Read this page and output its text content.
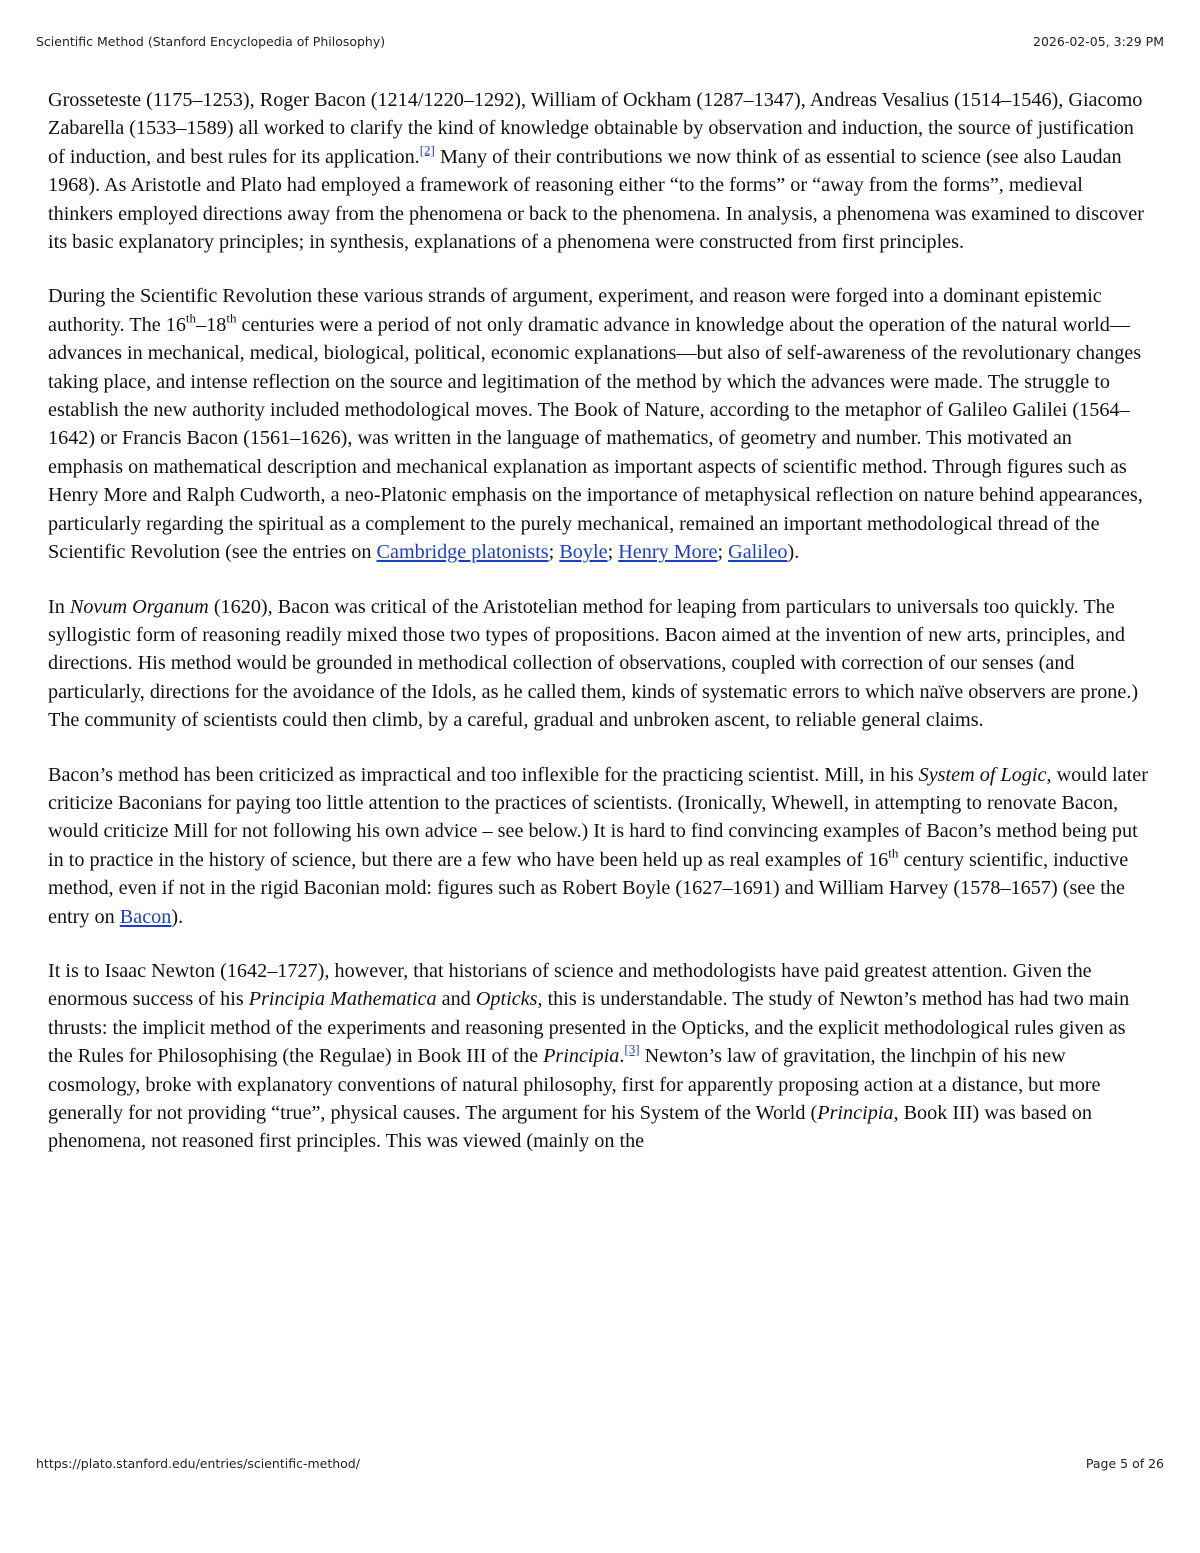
Scientific Method (Stanford Encyclopedia of Philosophy)	2026-02-05, 3:29 PM

Grosseteste (1175–1253), Roger Bacon (1214/1220–1292), William of Ockham (1287–1347), Andreas Vesalius (1514–1546), Giacomo Zabarella (1533–1589) all worked to clarify the kind of knowledge obtainable by observation and induction, the source of justification of induction, and best rules for its application.[2] Many of their contributions we now think of as essential to science (see also Laudan 1968). As Aristotle and Plato had employed a framework of reasoning either “to the forms” or “away from the forms”, medieval thinkers employed directions away from the phenomena or back to the phenomena. In analysis, a phenomena was examined to discover its basic explanatory principles; in synthesis, explanations of a phenomena were constructed from first principles.

During the Scientific Revolution these various strands of argument, experiment, and reason were forged into a dominant epistemic authority. The 16th–18th centuries were a period of not only dramatic advance in knowledge about the operation of the natural world—advances in mechanical, medical, biological, political, economic explanations—but also of self-awareness of the revolutionary changes taking place, and intense reflection on the source and legitimation of the method by which the advances were made. The struggle to establish the new authority included methodological moves. The Book of Nature, according to the metaphor of Galileo Galilei (1564–1642) or Francis Bacon (1561–1626), was written in the language of mathematics, of geometry and number. This motivated an emphasis on mathematical description and mechanical explanation as important aspects of scientific method. Through figures such as Henry More and Ralph Cudworth, a neo-Platonic emphasis on the importance of metaphysical reflection on nature behind appearances, particularly regarding the spiritual as a complement to the purely mechanical, remained an important methodological thread of the Scientific Revolution (see the entries on Cambridge platonists; Boyle; Henry More; Galileo).

In Novum Organum (1620), Bacon was critical of the Aristotelian method for leaping from particulars to universals too quickly. The syllogistic form of reasoning readily mixed those two types of propositions. Bacon aimed at the invention of new arts, principles, and directions. His method would be grounded in methodical collection of observations, coupled with correction of our senses (and particularly, directions for the avoidance of the Idols, as he called them, kinds of systematic errors to which naïve observers are prone.) The community of scientists could then climb, by a careful, gradual and unbroken ascent, to reliable general claims.

Bacon’s method has been criticized as impractical and too inflexible for the practicing scientist. Mill, in his System of Logic, would later criticize Baconians for paying too little attention to the practices of scientists. (Ironically, Whewell, in attempting to renovate Bacon, would criticize Mill for not following his own advice – see below.) It is hard to find convincing examples of Bacon’s method being put in to practice in the history of science, but there are a few who have been held up as real examples of 16th century scientific, inductive method, even if not in the rigid Baconian mold: figures such as Robert Boyle (1627–1691) and William Harvey (1578–1657) (see the entry on Bacon).

It is to Isaac Newton (1642–1727), however, that historians of science and methodologists have paid greatest attention. Given the enormous success of his Principia Mathematica and Opticks, this is understandable. The study of Newton’s method has had two main thrusts: the implicit method of the experiments and reasoning presented in the Opticks, and the explicit methodological rules given as the Rules for Philosophising (the Regulae) in Book III of the Principia.[3] Newton’s law of gravitation, the linchpin of his new cosmology, broke with explanatory conventions of natural philosophy, first for apparently proposing action at a distance, but more generally for not providing “true”, physical causes. The argument for his System of the World (Principia, Book III) was based on phenomena, not reasoned first principles. This was viewed (mainly on the

https://plato.stanford.edu/entries/scientific-method/	Page 5 of 26
